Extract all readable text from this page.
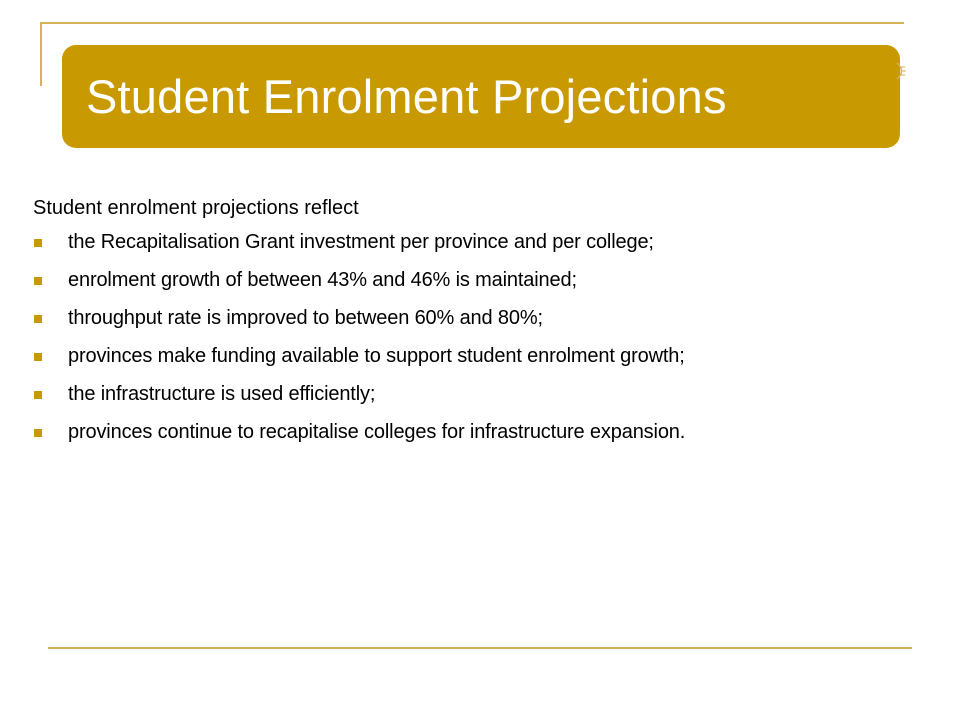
Student Enrolment Projections
Student enrolment projections reflect
the Recapitalisation Grant investment per province and per college;
enrolment growth of between 43% and 46% is maintained;
throughput rate is improved to between 60% and 80%;
provinces make funding available to support student enrolment growth;
the infrastructure is used efficiently;
provinces continue to recapitalise colleges for infrastructure expansion.
